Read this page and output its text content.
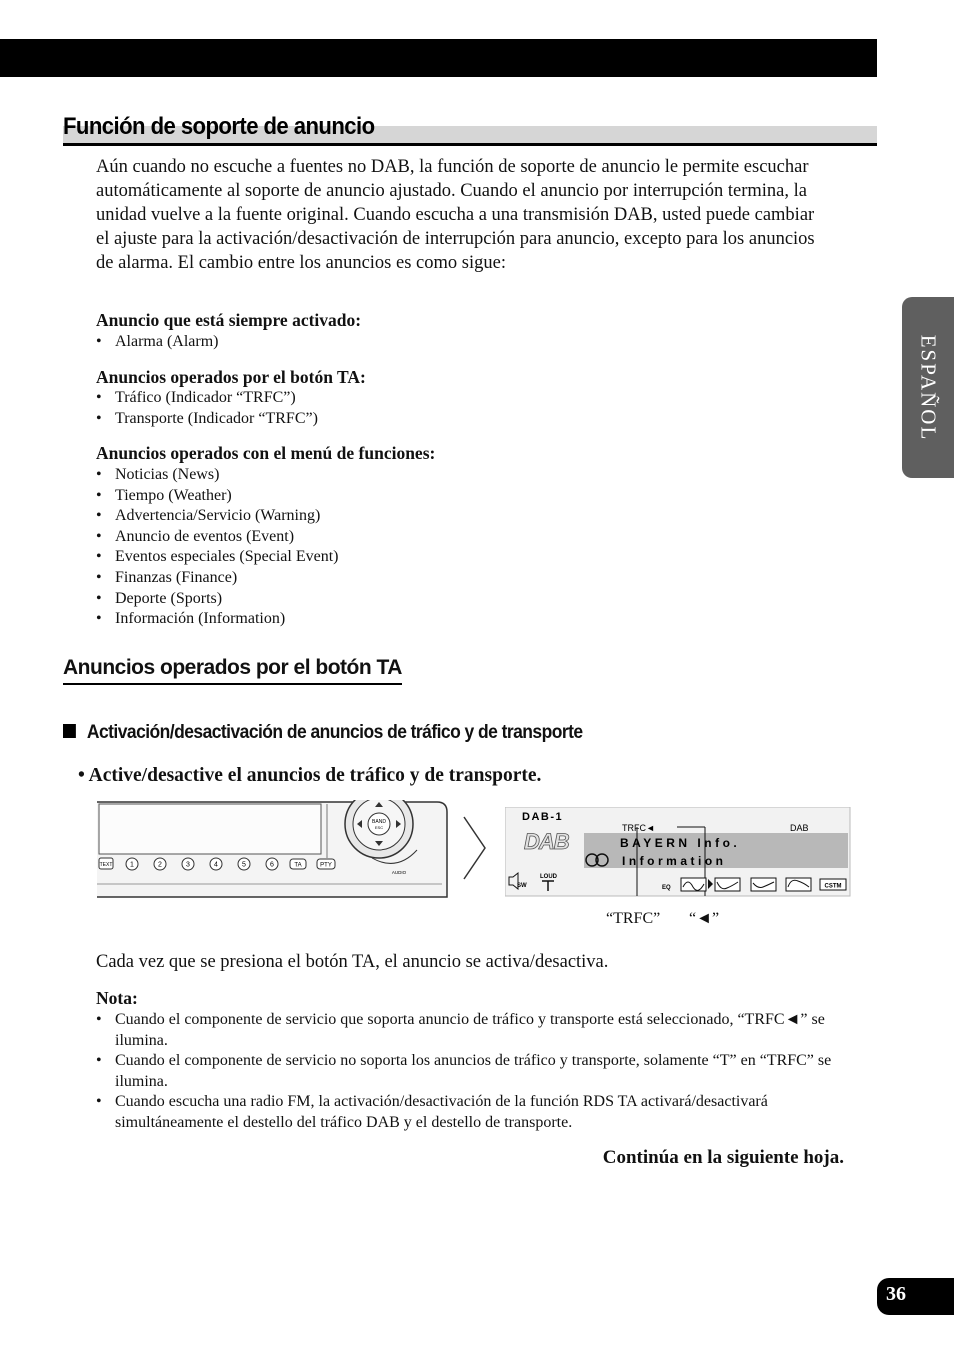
Función de soporte de anuncio

Aún cuando no escuche a fuentes no DAB, la función de soporte de anuncio le permite escuchar automáticamente al soporte de anuncio ajustado. Cuando el anuncio por interrupción termina, la unidad vuelve a la fuente original. Cuando escucha a una transmisión DAB, usted puede cambiar el ajuste para la activación/desactivación de interrupción para anuncio, excepto para los anuncios de alarma. El cambio entre los anuncios es como sigue:

Anuncio que está siempre activado:
• Alarma (Alarm)
Anuncios operados por el botón TA:
• Tráfico (Indicador “TRFC”)
• Transporte (Indicador “TRFC”)
Anuncios operados con el menú de funciones:
• Noticias (News)
• Tiempo (Weather)
• Advertencia/Servicio (Warning)
• Anuncio de eventos (Event)
• Eventos especiales (Special Event)
• Finanzas (Finance)
• Deporte (Sports)
• Información (Information)
Anuncios operados por el botón TA
Activación/desactivación de anuncios de tráfico y de transporte
• Active/desactive el anuncios de tráfico y de transporte.
TEXT	1	2	3	4	5	6	TA	PTY
BAND
ESC
AUDIO
DAB-1
TRFC◄	DAB
DAB	BAYERN Info.
Information
SW
LOUD
EQ	CSTM
“TRFC” “◄”

Cada vez que se presiona el botón TA, el anuncio se activa/desactiva.

Nota:
• Cuando el componente de servicio que soporta anuncio de tráfico y transporte está seleccionado, “TRFC◄” se ilumina.
• Cuando el componente de servicio no soporta los anuncios de tráfico y transporte, solamente “T” en “TRFC” se ilumina.
• Cuando escucha una radio FM, la activación/desactivación de la función RDS TA activará/desactivará simultáneamente el destello del tráfico DAB y el destello de transporte.
Continúa en la siguiente hoja.
ESPAÑOL
36
